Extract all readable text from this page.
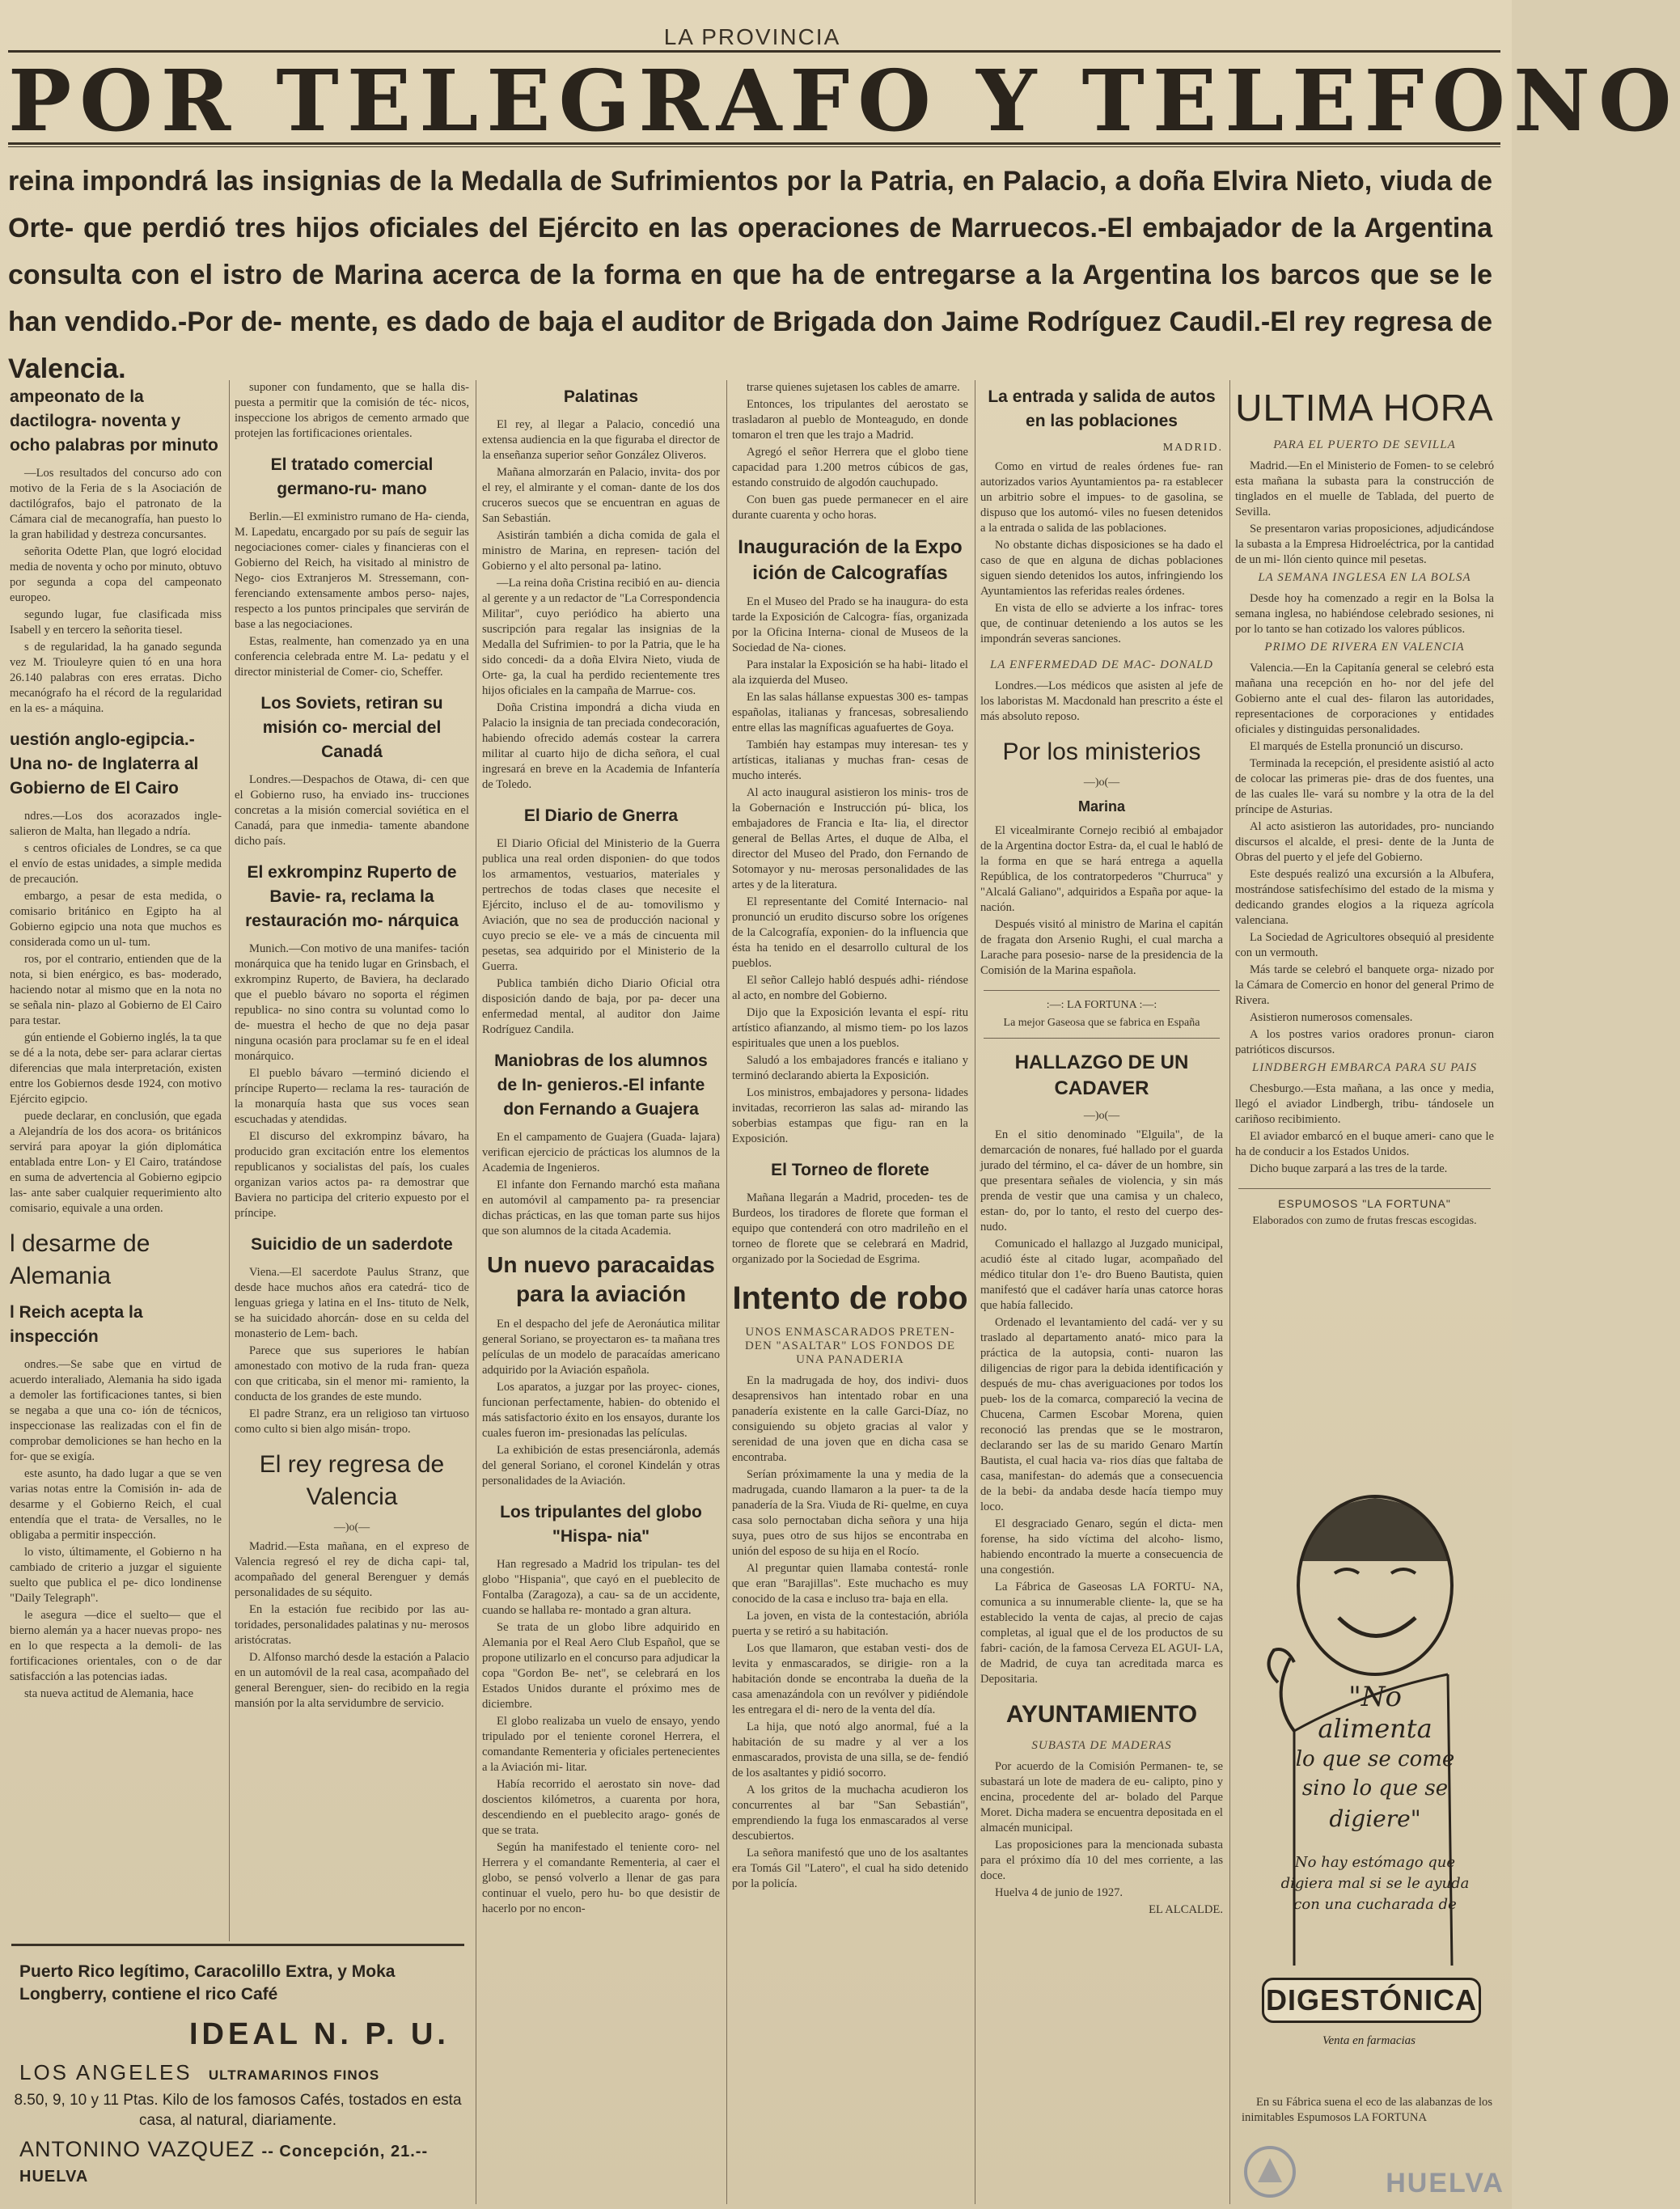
LA PROVINCIA
POR TELEGRAFO Y TELEFONO
reina impondrá las insignias de la Medalla de Sufrimientos por la Patria, en Palacio, a doña Elvira Nieto, viuda de Orte- que perdió tres hijos oficiales del Ejército en las operaciones de Marruecos.-El embajador de la Argentina consulta con el istro de Marina acerca de la forma en que ha de entregarse a la Argentina los barcos que se le han vendido.-Por de- mente, es dado de baja el auditor de Brigada don Jaime Rodríguez Caudil.-El rey regresa de Valencia.
ampeonato de la dactilogra- noventa y ocho palabras por minuto
—Los resultados del concurso ado con motivo de la Feria de s la Asociación de dactilógrafos, bajo el patronato de la Cámara cial de mecanografía, han puesto lo la gran habilidad y destreza concursantes.
señorita Odette Plan, que logró elocidad media de noventa y ocho por minuto, obtuvo por segunda a copa del campeonato europeo.
segundo lugar, fue clasificada miss Isabell y en tercero la señorita tiesel.
s de regularidad, la ha ganado segunda vez M. Triouleyre quien tó en una hora 26.140 palabras con eres erratas. Dicho mecanógrafo ha el récord de la regularidad en la es- a máquina.
uestión anglo-egipcia.-Una no- de Inglaterra al Gobierno de El Cairo
ndres.—Los dos acorazados ingle- salieron de Malta, han llegado a ndría.
s centros oficiales de Londres, se ca que el envío de estas unidades, a simple medida de precaución.
embargo, a pesar de esta medida, o comisario británico en Egipto ha al Gobierno egipcio una nota que muchos es considerada como un ul- tum.
ros, por el contrario, entienden que de la nota, si bien enérgico, es bas- moderado, haciendo notar al mismo que en la nota no se señala nin- plazo al Gobierno de El Cairo para testar.
gún entiende el Gobierno inglés, la ta que se dé a la nota, debe ser- para aclarar ciertas diferencias que mala interpretación, existen entre los Gobiernos desde 1924, con motivo Ejército egipcio.
puede declarar, en conclusión, que egada a Alejandría de los dos acora- os británicos servirá para apoyar la gión diplomática entablada entre Lon- y El Cairo, tratándose en suma de advertencia al Gobierno egipcio las- ante saber cualquier requerimiento alto comisario, equivale a una orden.
l desarme de Alemania
l Reich acepta la inspección
ondres.—Se sabe que en virtud de acuerdo interaliado, Alemania ha sido igada a demoler las fortificaciones tantes, si bien se negaba a que una co- ión de técnicos, inspeccionase las realizadas con el fin de comprobar demoliciones se han hecho en la for- que se exigía.
este asunto, ha dado lugar a que se ven varias notas entre la Comisión in- ada de desarme y el Gobierno Reich, el cual entendía que el trata- de Versalles, no le obligaba a permitir inspección.
lo visto, últimamente, el Gobierno n ha cambiado de criterio a juzgar el siguiente suelto que publica el pe- dico londinense "Daily Telegraph".
le asegura —dice el suelto— que el bierno alemán ya a hacer nuevas propo- nes en lo que respecta a la demoli- de las fortificaciones orientales, con o de dar satisfacción a las potencias iadas.
sta nueva actitud de Alemania, hace
suponer con fundamento, que se halla dis- puesta a permitir que la comisión de téc- nicos, inspeccione los abrigos de cemento armado que protejen las fortificaciones orientales.
El tratado comercial germano-ru- mano
Berlin.—El exministro rumano de Ha- cienda, M. Lapedatu, encargado por su país de seguir las negociaciones comer- ciales y financieras con el Gobierno del Reich, ha visitado al ministro de Nego- cios Extranjeros M. Stressemann, con- ferenciando extensamente ambos perso- najes, respecto a los puntos principales que servirán de base a las negociaciones.
Estas, realmente, han comenzado ya en una conferencia celebrada entre M. La- pedatu y el director ministerial de Comer- cio, Scheffer.
Los Soviets, retiran su misión co- mercial del Canadá
Londres.—Despachos de Otawa, di- cen que el Gobierno ruso, ha enviado ins- trucciones concretas a la misión comercial soviética en el Canadá, para que inmedia- tamente abandone dicho país.
El exkrompinz Ruperto de Bavie- ra, reclama la restauración mo- nárquica
Munich.—Con motivo de una manifes- tación monárquica que ha tenido lugar en Grinsbach, el exkrompinz Ruperto, de Baviera, ha declarado que el pueblo bávaro no soporta el régimen republica- no sino contra su voluntad como lo de- muestra el hecho de que no deja pasar ninguna ocasión para proclamar su fe en el ideal monárquico.
El pueblo bávaro —terminó diciendo el príncipe Ruperto— reclama la res- tauración de la monarquía hasta que sus voces sean escuchadas y atendidas.
El discurso del exkrompinz bávaro, ha producido gran excitación entre los elementos republicanos y socialistas del país, los cuales organizan varios actos pa- ra demostrar que Baviera no participa del criterio expuesto por el príncipe.
Suicidio de un saderdote
Viena.—El sacerdote Paulus Stranz, que desde hace muchos años era catedrá- tico de lenguas griega y latina en el Ins- tituto de Nelk, se ha suicidado ahorcán- dose en su celda del monasterio de Lem- bach.
Parece que sus superiores le habían amonestado con motivo de la ruda fran- queza con que criticaba, sin el menor mi- ramiento, la conducta de los grandes de este mundo.
El padre Stranz, era un religioso tan virtuoso como culto si bien algo misán- tropo.
El rey regresa de Valencia
—)o(—
Madrid.—Esta mañana, en el expreso de Valencia regresó el rey de dicha capi- tal, acompañado del general Berenguer y demás personalidades de su séquito.
En la estación fue recibido por las au- toridades, personalidades palatinas y nu- merosos aristócratas.
D. Alfonso marchó desde la estación a Palacio en un automóvil de la real casa, acompañado del general Berenguer, sien- do recibido en la regia mansión por la alta servidumbre de servicio.
Palatinas
El rey, al llegar a Palacio, concedió una extensa audiencia en la que figuraba el director de la enseñanza superior señor González Oliveros.
Mañana almorzarán en Palacio, invita- dos por el rey, el almirante y el coman- dante de los dos cruceros suecos que se encuentran en aguas de San Sebastián.
Asistirán también a dicha comida de gala el ministro de Marina, en represen- tación del Gobierno y el alto personal pa- latino.
—La reina doña Cristina recibió en au- diencia al gerente y a un redactor de "La Correspondencia Militar", cuyo periódico ha abierto una suscripción para regalar las insignias de la Medalla del Sufrimien- to por la Patria, que le ha sido concedi- da a doña Elvira Nieto, viuda de Orte- ga, la cual ha perdido recientemente tres hijos oficiales en la campaña de Marrue- cos.
Doña Cristina impondrá a dicha viuda en Palacio la insignia de tan preciada condecoración, habiendo ofrecido además costear la carrera militar al cuarto hijo de dicha señora, el cual ingresará en breve en la Academia de Infantería de Toledo.
El Diario de Gnerra
El Diario Oficial del Ministerio de la Guerra publica una real orden disponien- do que todos los armamentos, vestuarios, materiales y pertrechos de todas clases que necesite el Ejército, incluso el de au- tomovilismo y Aviación, que no sea de producción nacional y cuyo precio se ele- ve a más de cincuenta mil pesetas, sea adquirido por el Ministerio de la Guerra.
Publica también dicho Diario Oficial otra disposición dando de baja, por pa- decer una enfermedad mental, al auditor don Jaime Rodríguez Candila.
Maniobras de los alumnos de In- genieros.-El infante don Fernando a Guajera
En el campamento de Guajera (Guada- lajara) verifican ejercicio de prácticas los alumnos de la Academia de Ingenieros.
El infante don Fernando marchó esta mañana en automóvil al campamento pa- ra presenciar dichas prácticas, en las que toman parte sus hijos que son alumnos de la citada Academia.
Un nuevo paracaidas para la aviación
En el despacho del jefe de Aeronáutica militar general Soriano, se proyectaron es- ta mañana tres películas de un modelo de paracaídas americano adquirido por la Aviación española.
Los aparatos, a juzgar por las proyec- ciones, funcionan perfectamente, habien- do obtenido el más satisfactorio éxito en los ensayos, durante los cuales fueron im- presionadas las películas.
La exhibición de estas presenciáronla, además del general Soriano, el coronel Kindelán y otras personalidades de la Aviación.
Los tripulantes del globo "Hispa- nia"
Han regresado a Madrid los tripulan- tes del globo "Hispania", que cayó en el pueblecito de Fontalba (Zaragoza), a cau- sa de un accidente, cuando se hallaba re- montado a gran altura.
Se trata de un globo libre adquirido en Alemania por el Real Aero Club Español, que se propone utilizarlo en el concurso para adjudicar la copa "Gordon Be- net", se celebrará en los Estados Unidos durante el próximo mes de diciembre.
El globo realizaba un vuelo de ensayo, yendo tripulado por el teniente coronel Herrera, el comandante Rementeria y oficiales pertenecientes a la Aviación mi- litar.
Había recorrido el aerostato sin nove- dad doscientos kilómetros, a cuarenta por hora, descendiendo en el pueblecito arago- gonés de que se trata.
Según ha manifestado el teniente coro- nel Herrera y el comandante Rementeria, al caer el globo, se pensó volverlo a llenar de gas para continuar el vuelo, pero hu- bo que desistir de hacerlo por no encon-
trarse quienes sujetasen los cables de amarre.
Entonces, los tripulantes del aerostato se trasladaron al pueblo de Monteagudo, en donde tomaron el tren que les trajo a Madrid.
Agregó el señor Herrera que el globo tiene capacidad para 1.200 metros cúbicos de gas, estando construido de algodón cauchupado.
Con buen gas puede permanecer en el aire durante cuarenta y ocho horas.
Inauguración de la Expo ición de Calcografías
En el Museo del Prado se ha inaugura- do esta tarde la Exposición de Calcogra- fías, organizada por la Oficina Interna- cional de Museos de la Sociedad de Na- ciones.
Para instalar la Exposición se ha habi- litado el ala izquierda del Museo.
En las salas hállanse expuestas 300 es- tampas españolas, italianas y francesas, sobresaliendo entre ellas las magníficas aguafuertes de Goya.
También hay estampas muy interesan- tes y artísticas, italianas y muchas fran- cesas de mucho interés.
Al acto inaugural asistieron los minis- tros de la Gobernación e Instrucción pú- blica, los embajadores de Francia e Ita- lia, el director general de Bellas Artes, el duque de Alba, el director del Museo del Prado, don Fernando de Sotomayor y nu- merosas personalidades de las artes y de la literatura.
El representante del Comité Internacio- nal pronunció un erudito discurso sobre los orígenes de la Calcografía, exponien- do la influencia que ésta ha tenido en el desarrollo cultural de los pueblos.
El señor Callejo habló después adhi- riéndose al acto, en nombre del Gobierno.
Dijo que la Exposición levanta el espí- ritu artístico afianzando, al mismo tiem- po los lazos espirituales que unen a los pueblos.
Saludó a los embajadores francés e italiano y terminó declarando abierta la Exposición.
Los ministros, embajadores y persona- lidades invitadas, recorrieron las salas ad- mirando las soberbias estampas que figu- ran en la Exposición.
El Torneo de florete
Mañana llegarán a Madrid, proceden- tes de Burdeos, los tiradores de florete que forman el equipo que contenderá con otro madrileño en el torneo de florete que se celebrará en Madrid, organizado por la Sociedad de Esgrima.
Intento de robo
UNOS ENMASCARADOS PRETEN- DEN "ASALTAR" LOS FONDOS DE UNA PANADERIA
En la madrugada de hoy, dos indivi- duos desaprensivos han intentado robar en una panadería existente en la calle Garci-Díaz, no consiguiendo su objeto gracias al valor y serenidad de una joven que en dicha casa se encontraba.
Serían próximamente la una y media de la madrugada, cuando llamaron a la puer- ta de la panadería de la Sra. Viuda de Ri- quelme, en cuya casa solo pernoctaban dicha señora y una hija suya, pues otro de sus hijos se encontraba en unión del esposo de su hija en el Rocío.
Al preguntar quien llamaba contestá- ronle que eran "Barajillas". Este muchacho es muy conocido de la casa e incluso tra- baja en ella.
La joven, en vista de la contestación, abrióla puerta y se retiró a su habitación.
Los que llamaron, que estaban vesti- dos de levita y enmascarados, se dirigie- ron a la habitación donde se encontraba la dueña de la casa amenazándola con un revólver y pidiéndole les entregara el di- nero de la venta del día.
La hija, que notó algo anormal, fué a la habitación de su madre y al ver a los enmascarados, provista de una silla, se de- fendió de los asaltantes y pidió socorro.
A los gritos de la muchacha acudieron los concurrentes al bar "San Sebastián", emprendiendo la fuga los enmascarados al verse descubiertos.
La señora manifestó que uno de los asaltantes era Tomás Gil "Latero", el cual ha sido detenido por la policía.
La entrada y salida de autos en las poblaciones
MADRID.
Como en virtud de reales órdenes fue- ran autorizados varios Ayuntamientos pa- ra establecer un arbitrio sobre el impues- to de gasolina, se dispuso que los automó- viles no fuesen detenidos a la entrada o salida de las poblaciones.
No obstante dichas disposiciones se ha dado el caso de que en alguna de dichas poblaciones siguen siendo detenidos los autos, infringiendo los Ayuntamientos las referidas reales órdenes.
En vista de ello se advierte a los infrac- tores que, de continuar deteniendo a los autos se les impondrán severas sanciones.
LA ENFERMEDAD DE MAC- DONALD
Londres.—Los médicos que asisten al jefe de los laboristas M. Macdonald han prescrito a éste el más absoluto reposo.
Por los ministerios
—)o(—
Marina
El vicealmirante Cornejo recibió al embajador de la Argentina doctor Estra- da, el cual le habló de la forma en que se hará entrega a aquella República, de los contratorpederos "Churruca" y "Alcalá Galiano", adquiridos a España por aque- la nación.
Después visitó al ministro de Marina el capitán de fragata don Arsenio Rughi, el cual marcha a Larache para posesio- narse de la presidencia de la Comisión de la Marina española.
:—: LA FORTUNA :—:
La mejor Gaseosa que se fabrica en España
HALLAZGO DE UN CADAVER
—)o(—
En el sitio denominado "Elguila", de la demarcación de nonares, fué hallado por el guarda jurado del término, el ca- dáver de un hombre, sin que presentara señales de violencia, y sin más prenda de vestir que una camisa y un chaleco, estan- do, por lo tanto, el resto del cuerpo des- nudo.
Comunicado el hallazgo al Juzgado municipal, acudió éste al citado lugar, acompañado del médico titular don 1'e- dro Bueno Bautista, quien manifestó que el cadáver haría unas catorce horas que había fallecido.
Ordenado el levantamiento del cadá- ver y su traslado al departamento anató- mico para la práctica de la autopsia, conti- nuaron las diligencias de rigor para la debida identificación y después de mu- chas averiguaciones por todos los pueb- los de la comarca, compareció la vecina de Chucena, Carmen Escobar Morena, quien reconoció las prendas que se le mostraron, declarando ser las de su marido Genaro Martín Bautista, el cual hacia va- rios días que faltaba de casa, manifestan- do además que a consecuencia de la bebi- da andaba desde hacía tiempo muy loco.
El desgraciado Genaro, según el dicta- men forense, ha sido víctima del alcoho- lismo, habiendo encontrado la muerte a consecuencia de una congestión.
La Fábrica de Gaseosas LA FORTU- NA, comunica a su innumerable cliente- la, que se ha establecido la venta de cajas, al precio de cajas completas, al igual que el de los productos de su fabri- cación, de la famosa Cerveza EL AGUI- LA, de Madrid, de cuya tan acreditada marca es Depositaria.
AYUNTAMIENTO
SUBASTA DE MADERAS
Por acuerdo de la Comisión Permanen- te, se subastará un lote de madera de eu- calipto, pino y encina, procedente del ar- bolado del Parque Moret. Dicha madera se encuentra depositada en el almacén municipal.
Las proposiciones para la mencionada subasta para el próximo día 10 del mes corriente, a las doce.
Huelva 4 de junio de 1927.
EL ALCALDE.
ULTIMA HORA
PARA EL PUERTO DE SEVILLA
Madrid.—En el Ministerio de Fomen- to se celebró esta mañana la subasta para la construcción de tinglados en el muelle de Tablada, del puerto de Sevilla.
Se presentaron varias proposiciones, adjudicándose la subasta a la Empresa Hidroeléctrica, por la cantidad de un mi- llón ciento quince mil pesetas.
LA SEMANA INGLESA EN LA BOLSA
Desde hoy ha comenzado a regir en la Bolsa la semana inglesa, no habiéndose celebrado sesiones, ni por lo tanto se han cotizado los valores públicos.
PRIMO DE RIVERA EN VALENCIA
Valencia.—En la Capitanía general se celebró esta mañana una recepción en ho- nor del jefe del Gobierno ante el cual des- filaron las autoridades, representaciones de corporaciones y entidades oficiales y distinguidas personalidades.
El marqués de Estella pronunció un discurso.
Terminada la recepción, el presidente asistió al acto de colocar las primeras pie- dras de dos fuentes, una de las cuales lle- vará su nombre y la otra de la del príncipe de Asturias.
Al acto asistieron las autoridades, pro- nunciando discursos el alcalde, el presi- dente de la Junta de Obras del puerto y el jefe del Gobierno.
Este después realizó una excursión a la Albufera, mostrándose satisfechísimo del estado de la misma y dedicando grandes elogios a la riqueza agrícola valenciana.
La Sociedad de Agricultores obsequió al presidente con un vermouth.
Más tarde se celebró el banquete orga- nizado por la Cámara de Comercio en honor del general Primo de Rivera.
Asistieron numerosos comensales.
A los postres varios oradores pronun- ciaron patrióticos discursos.
LINDBERGH EMBARCA PARA SU PAIS
Chesburgo.—Esta mañana, a las once y media, llegó el aviador Lindbergh, tribu- tándosele un cariñoso recibimiento.
El aviador embarcó en el buque ameri- cano que le ha de conducir a los Estados Unidos.
Dicho buque zarpará a las tres de la tarde.
ESPUMOSOS "LA FORTUNA"
Elaborados con zumo de frutas frescas escogidas.
"No
alimenta
lo que se come
sino lo que se
digiere"
No hay estómago que digiera mal si se le ayuda con una cucharada de
DIGESTÓNICA
Venta en farmacias
En su Fábrica suena el eco de las alabanzas de los inimitables Espumosos LA FORTUNA
Puerto Rico legítimo, Caracolillo Extra, y Moka Longberry, contiene el rico Café
IDEAL N. P. U.
LOS ANGELES ULTRAMARINOS FINOS
8.50, 9, 10 y 11 Ptas. Kilo de los famosos Cafés, tostados en esta casa, al natural, diariamente.
ANTONINO VAZQUEZ -- Concepción, 21.--HUELVA	HUELVA
